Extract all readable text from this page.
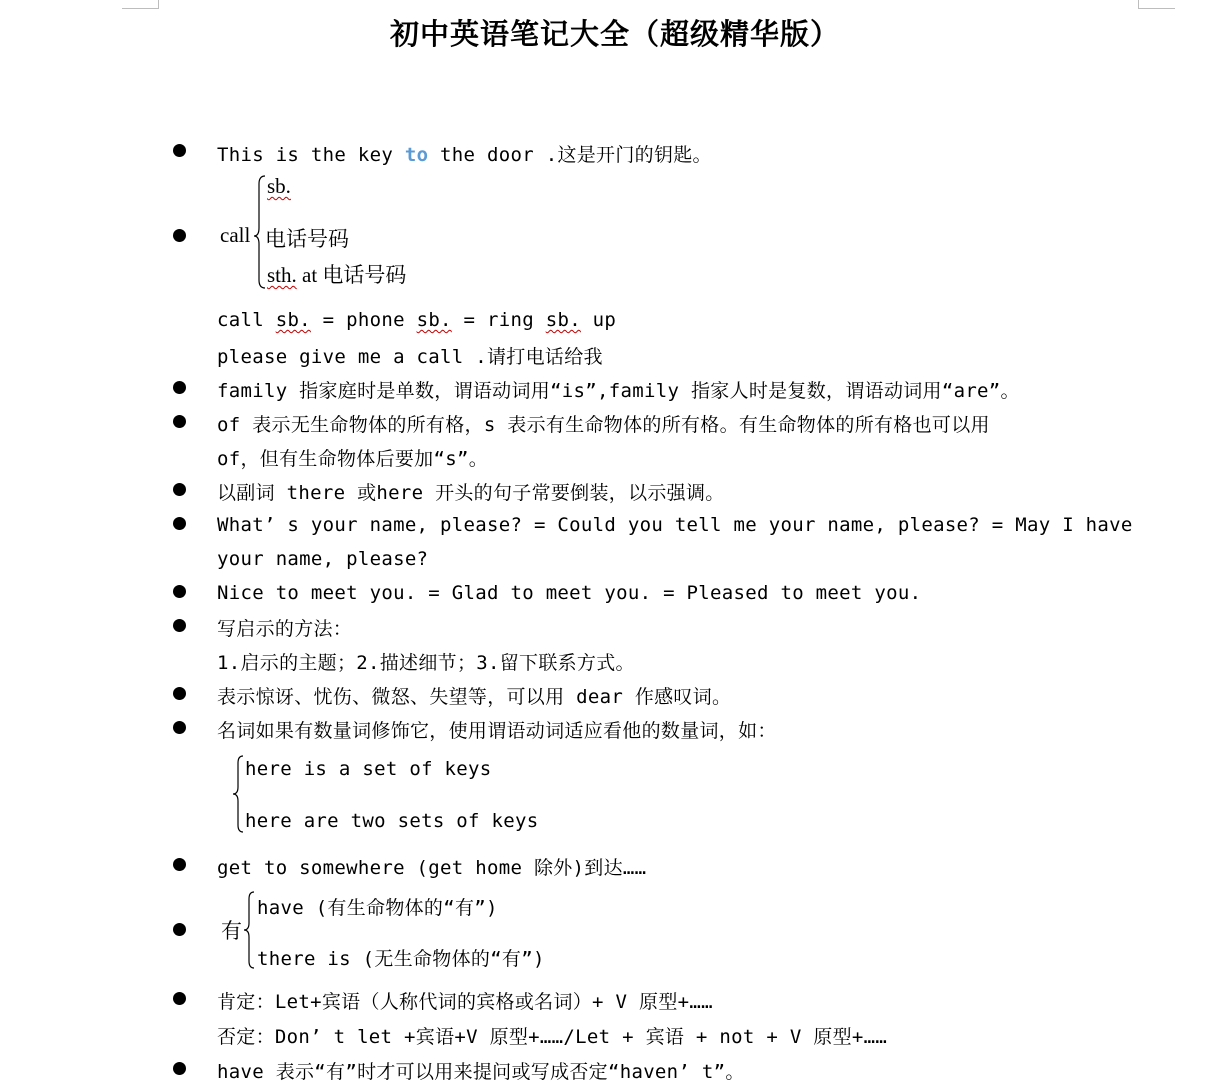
初中英语笔记大全（超级精华版）
This is the key to the door .这是开门的钥匙。
call
sb.
电话号码
sth. at 电话号码
call sb. = phone sb. = ring sb. up
please give me a call .请打电话给我
family 指家庭时是单数，谓语动词用“is”,family 指家人时是复数，谓语动词用“are”。
of 表示无生命物体的所有格，s 表示有生命物体的所有格。有生命物体的所有格也可以用
of，但有生命物体后要加“s”。
以副词 there 或here 开头的句子常要倒装，以示强调。
What’ s your name, please? = Could you tell me your name, please? = May I have
your name, please?
Nice to meet you. = Glad to meet you. = Pleased to meet you.
写启示的方法：
1.启示的主题；2.描述细节；3.留下联系方式。
表示惊讶、忧伤、微怒、失望等，可以用 dear 作感叹词。
名词如果有数量词修饰它，使用谓语动词适应看他的数量词，如：
here is a set of keys
here are two sets of keys
get to somewhere (get home 除外)到达……
有
have (有生命物体的“有”)
there is (无生命物体的“有”)
肯定：Let+宾语（人称代词的宾格或名词）+ V 原型+……
否定：Don’ t let +宾语+V 原型+……/Let + 宾语 + not + V 原型+……
have 表示“有”时才可以用来提问或写成否定“haven’ t”。
